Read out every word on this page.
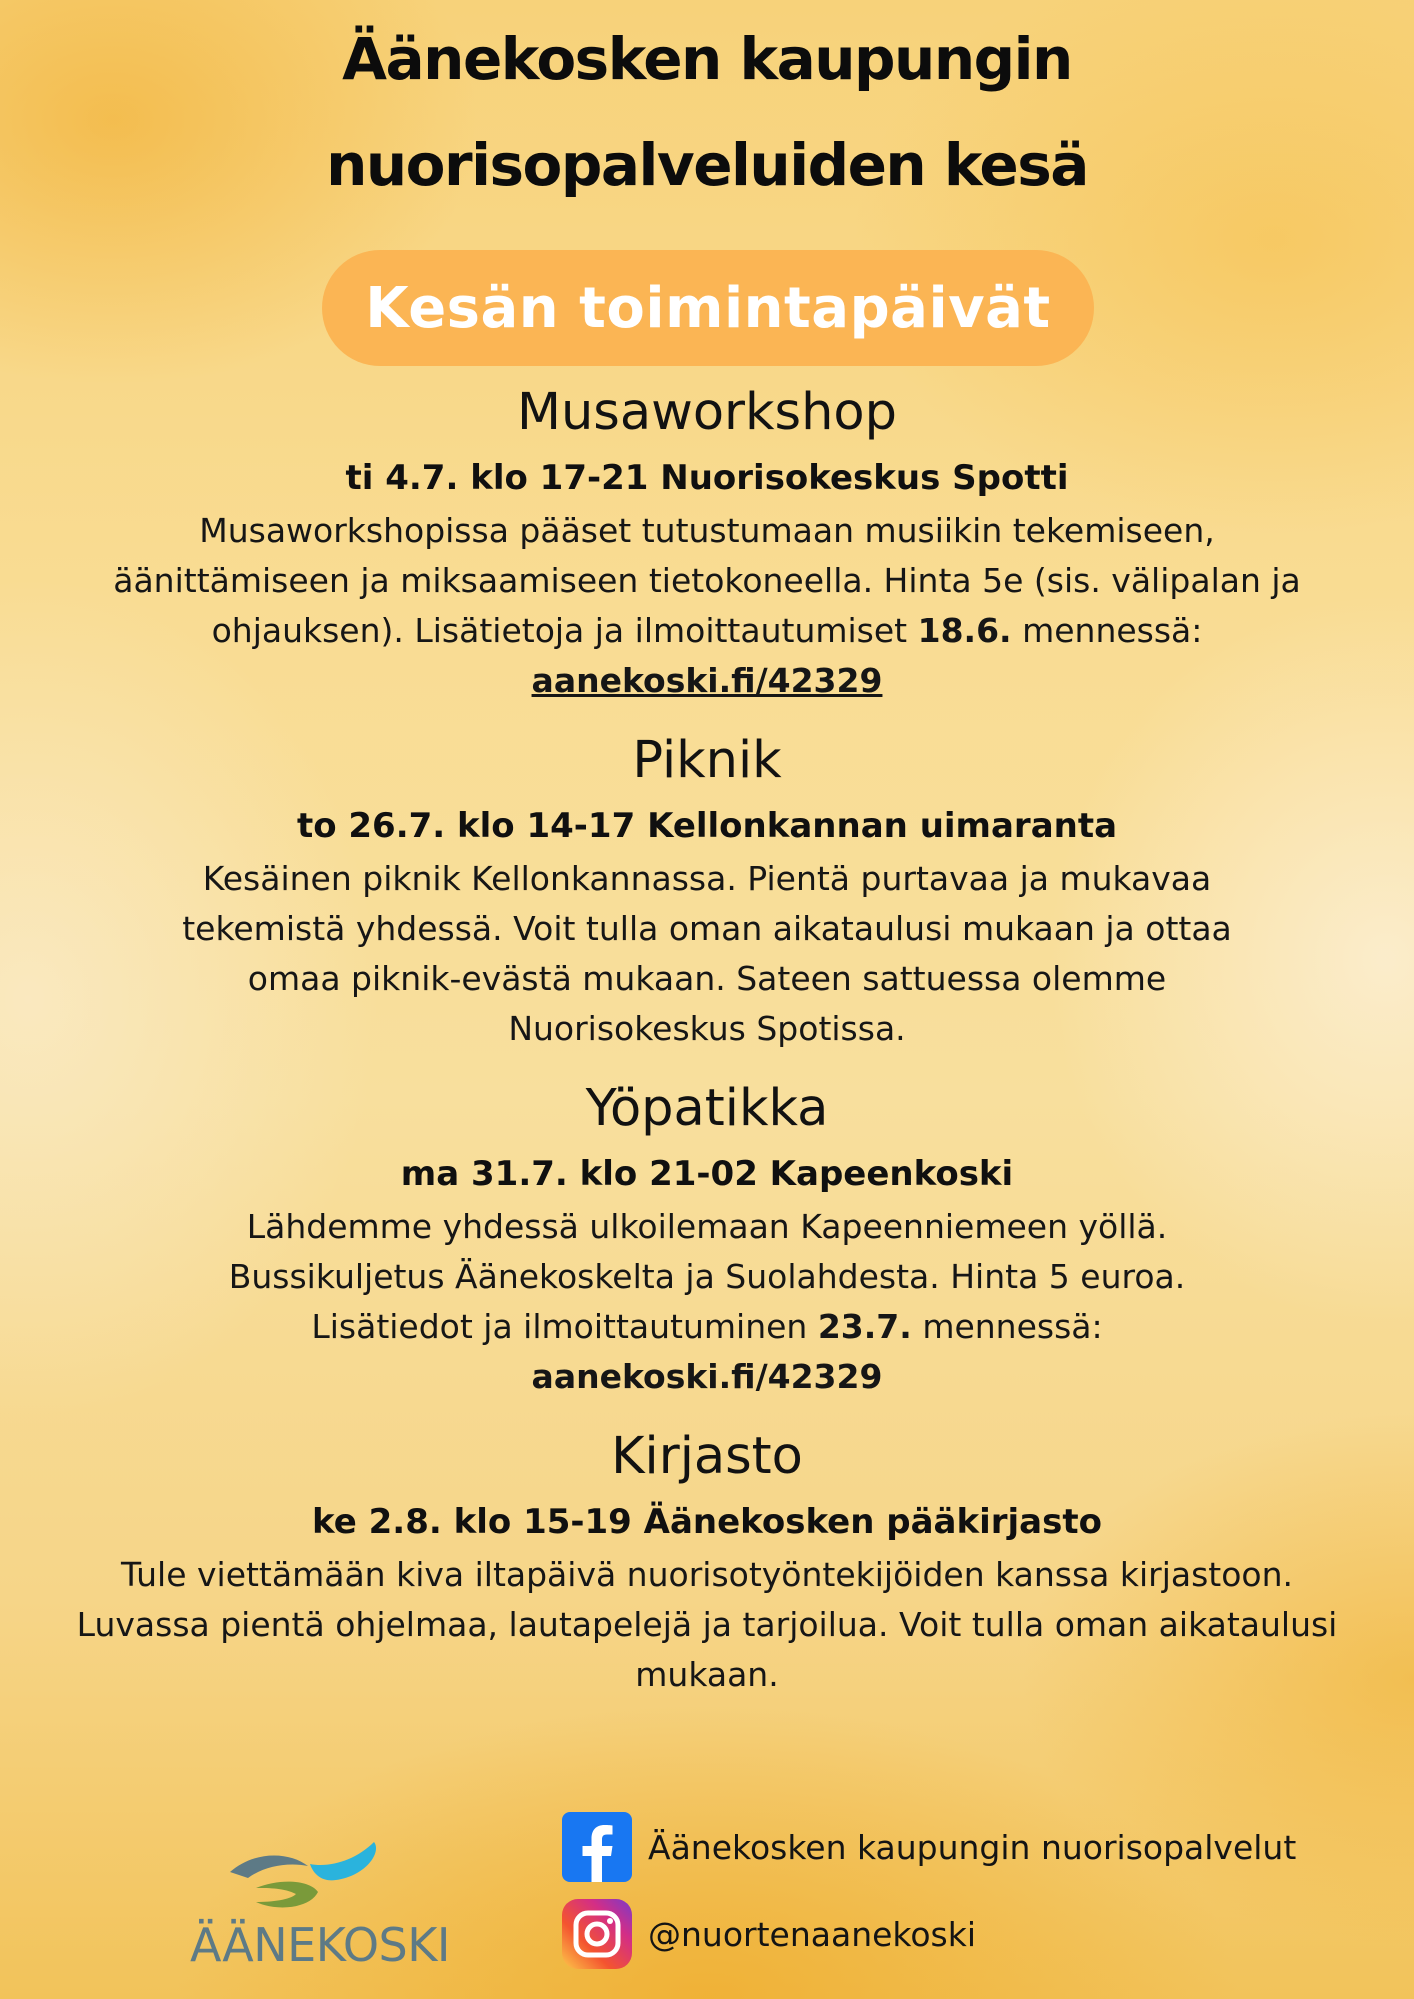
Äänekosken kaupungin
nuorisopalveluiden kesä
Kesän toimintapäivät
Musaworkshop
ti 4.7. klo 17-21 Nuorisokeskus Spotti

Musaworkshopissa pääset tutustumaan musiikin tekemiseen,

äänittämiseen ja miksaamiseen tietokoneella. Hinta 5e (sis. välipalan ja

ohjauksen). Lisätietoja ja ilmoittautumiset 18.6. mennessä:

aanekoski.fi/42329

Piknik
to 26.7. klo 14-17 Kellonkannan uimaranta

Kesäinen piknik Kellonkannassa. Pientä purtavaa ja mukavaa

tekemistä yhdessä. Voit tulla oman aikataulusi mukaan ja ottaa

omaa piknik-evästä mukaan. Sateen sattuessa olemme

Nuorisokeskus Spotissa.

Yöpatikka
ma 31.7. klo 21-02 Kapeenkoski

Lähdemme yhdessä ulkoilemaan Kapeenniemeen yöllä.

Bussikuljetus Äänekoskelta ja Suolahdesta. Hinta 5 euroa.

Lisätiedot ja ilmoittautuminen 23.7. mennessä:

aanekoski.fi/42329

Kirjasto
ke 2.8. klo 15-19 Äänekosken pääkirjasto

Tule viettämään kiva iltapäivä nuorisotyöntekijöiden kanssa kirjastoon.

Luvassa pientä ohjelmaa, lautapelejä ja tarjoilua. Voit tulla oman aikataulusi

mukaan.

ÄÄNEKOSKI
Äänekosken kaupungin nuorisopalvelut
@nuortenaanekoski
